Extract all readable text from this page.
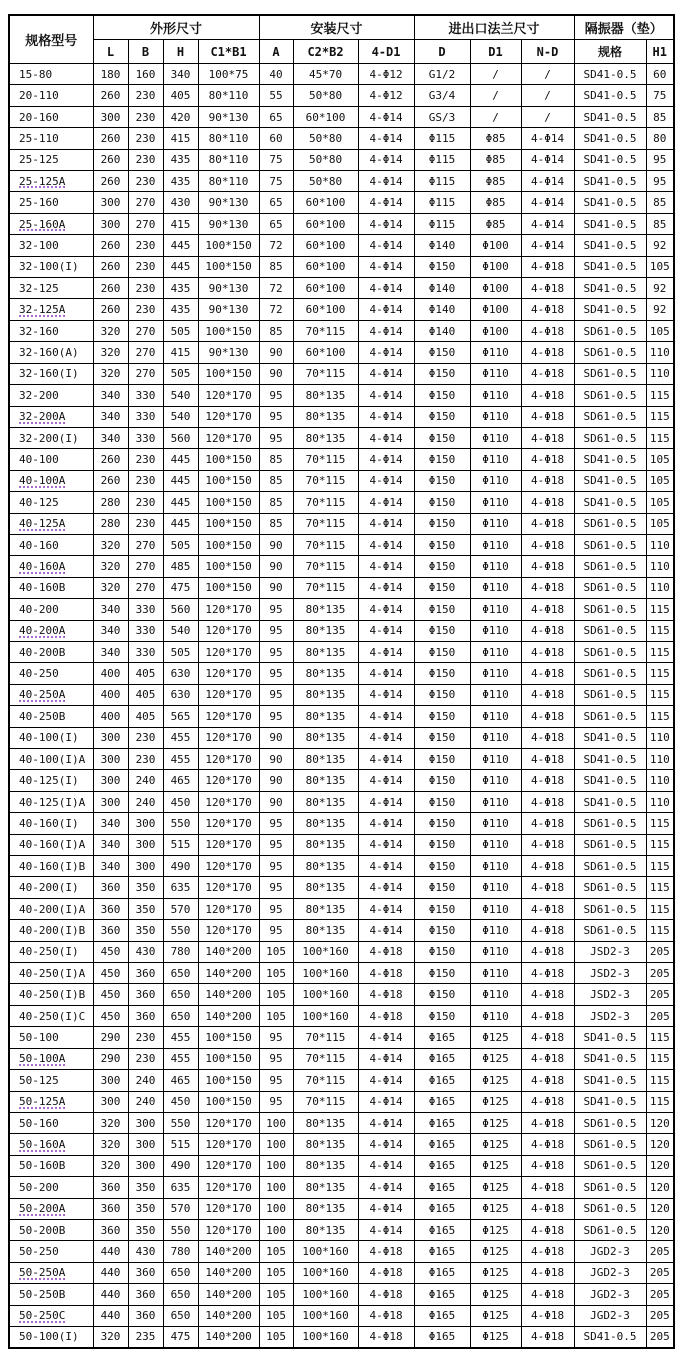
规格型号	外形尺寸				安装尺寸			进出口法兰尺寸			隔振器（垫）	
	L	B	H	C1*B1	A	C2*B2	4-D1	D	D1	N-D	规格	H1
15-80	180	160	340	100*75	40	45*70	4-Φ12	G1/2	/	/	SD41-0.5	60
20-110	260	230	405	80*110	55	50*80	4-Φ12	G3/4	/	/	SD41-0.5	75
20-160	300	230	420	90*130	65	60*100	4-Φ14	GS/3	/	/	SD41-0.5	85
25-110	260	230	415	80*110	60	50*80	4-Φ14	Φ115	Φ85	4-Φ14	SD41-0.5	80
25-125	260	230	435	80*110	75	50*80	4-Φ14	Φ115	Φ85	4-Φ14	SD41-0.5	95
25-125A	260	230	435	80*110	75	50*80	4-Φ14	Φ115	Φ85	4-Φ14	SD41-0.5	95
25-160	300	270	430	90*130	65	60*100	4-Φ14	Φ115	Φ85	4-Φ14	SD41-0.5	85
25-160A	300	270	415	90*130	65	60*100	4-Φ14	Φ115	Φ85	4-Φ14	SD41-0.5	85
32-100	260	230	445	100*150	72	60*100	4-Φ14	Φ140	Φ100	4-Φ14	SD41-0.5	92
32-100(I)	260	230	445	100*150	85	60*100	4-Φ14	Φ150	Φ100	4-Φ18	SD41-0.5	105
32-125	260	230	435	90*130	72	60*100	4-Φ14	Φ140	Φ100	4-Φ18	SD41-0.5	92
32-125A	260	230	435	90*130	72	60*100	4-Φ14	Φ140	Φ100	4-Φ18	SD41-0.5	92
32-160	320	270	505	100*150	85	70*115	4-Φ14	Φ140	Φ100	4-Φ18	SD61-0.5	105
32-160(A)	320	270	415	90*130	90	60*100	4-Φ14	Φ150	Φ110	4-Φ18	SD61-0.5	110
32-160(I)	320	270	505	100*150	90	70*115	4-Φ14	Φ150	Φ110	4-Φ18	SD61-0.5	110
32-200	340	330	540	120*170	95	80*135	4-Φ14	Φ150	Φ110	4-Φ18	SD61-0.5	115
32-200A	340	330	540	120*170	95	80*135	4-Φ14	Φ150	Φ110	4-Φ18	SD61-0.5	115
32-200(I)	340	330	560	120*170	95	80*135	4-Φ14	Φ150	Φ110	4-Φ18	SD61-0.5	115
40-100	260	230	445	100*150	85	70*115	4-Φ14	Φ150	Φ110	4-Φ18	SD41-0.5	105
40-100A	260	230	445	100*150	85	70*115	4-Φ14	Φ150	Φ110	4-Φ18	SD41-0.5	105
40-125	280	230	445	100*150	85	70*115	4-Φ14	Φ150	Φ110	4-Φ18	SD41-0.5	105
40-125A	280	230	445	100*150	85	70*115	4-Φ14	Φ150	Φ110	4-Φ18	SD61-0.5	105
40-160	320	270	505	100*150	90	70*115	4-Φ14	Φ150	Φ110	4-Φ18	SD61-0.5	110
40-160A	320	270	485	100*150	90	70*115	4-Φ14	Φ150	Φ110	4-Φ18	SD61-0.5	110
40-160B	320	270	475	100*150	90	70*115	4-Φ14	Φ150	Φ110	4-Φ18	SD61-0.5	110
40-200	340	330	560	120*170	95	80*135	4-Φ14	Φ150	Φ110	4-Φ18	SD61-0.5	115
40-200A	340	330	540	120*170	95	80*135	4-Φ14	Φ150	Φ110	4-Φ18	SD61-0.5	115
40-200B	340	330	505	120*170	95	80*135	4-Φ14	Φ150	Φ110	4-Φ18	SD61-0.5	115
40-250	400	405	630	120*170	95	80*135	4-Φ14	Φ150	Φ110	4-Φ18	SD61-0.5	115
40-250A	400	405	630	120*170	95	80*135	4-Φ14	Φ150	Φ110	4-Φ18	SD61-0.5	115
40-250B	400	405	565	120*170	95	80*135	4-Φ14	Φ150	Φ110	4-Φ18	SD61-0.5	115
40-100(I)	300	230	455	120*170	90	80*135	4-Φ14	Φ150	Φ110	4-Φ18	SD41-0.5	110
40-100(I)A	300	230	455	120*170	90	80*135	4-Φ14	Φ150	Φ110	4-Φ18	SD41-0.5	110
40-125(I)	300	240	465	120*170	90	80*135	4-Φ14	Φ150	Φ110	4-Φ18	SD41-0.5	110
40-125(I)A	300	240	450	120*170	90	80*135	4-Φ14	Φ150	Φ110	4-Φ18	SD41-0.5	110
40-160(I)	340	300	550	120*170	95	80*135	4-Φ14	Φ150	Φ110	4-Φ18	SD61-0.5	115
40-160(I)A	340	300	515	120*170	95	80*135	4-Φ14	Φ150	Φ110	4-Φ18	SD61-0.5	115
40-160(I)B	340	300	490	120*170	95	80*135	4-Φ14	Φ150	Φ110	4-Φ18	SD61-0.5	115
40-200(I)	360	350	635	120*170	95	80*135	4-Φ14	Φ150	Φ110	4-Φ18	SD61-0.5	115
40-200(I)A	360	350	570	120*170	95	80*135	4-Φ14	Φ150	Φ110	4-Φ18	SD61-0.5	115
40-200(I)B	360	350	550	120*170	95	80*135	4-Φ14	Φ150	Φ110	4-Φ18	SD61-0.5	115
40-250(I)	450	430	780	140*200	105	100*160	4-Φ18	Φ150	Φ110	4-Φ18	JSD2-3	205
40-250(I)A	450	360	650	140*200	105	100*160	4-Φ18	Φ150	Φ110	4-Φ18	JSD2-3	205
40-250(I)B	450	360	650	140*200	105	100*160	4-Φ18	Φ150	Φ110	4-Φ18	JSD2-3	205
40-250(I)C	450	360	650	140*200	105	100*160	4-Φ18	Φ150	Φ110	4-Φ18	JSD2-3	205
50-100	290	230	455	100*150	95	70*115	4-Φ14	Φ165	Φ125	4-Φ18	SD41-0.5	115
50-100A	290	230	455	100*150	95	70*115	4-Φ14	Φ165	Φ125	4-Φ18	SD41-0.5	115
50-125	300	240	465	100*150	95	70*115	4-Φ14	Φ165	Φ125	4-Φ18	SD41-0.5	115
50-125A	300	240	450	100*150	95	70*115	4-Φ14	Φ165	Φ125	4-Φ18	SD41-0.5	115
50-160	320	300	550	120*170	100	80*135	4-Φ14	Φ165	Φ125	4-Φ18	SD61-0.5	120
50-160A	320	300	515	120*170	100	80*135	4-Φ14	Φ165	Φ125	4-Φ18	SD61-0.5	120
50-160B	320	300	490	120*170	100	80*135	4-Φ14	Φ165	Φ125	4-Φ18	SD61-0.5	120
50-200	360	350	635	120*170	100	80*135	4-Φ14	Φ165	Φ125	4-Φ18	SD61-0.5	120
50-200A	360	350	570	120*170	100	80*135	4-Φ14	Φ165	Φ125	4-Φ18	SD61-0.5	120
50-200B	360	350	550	120*170	100	80*135	4-Φ14	Φ165	Φ125	4-Φ18	SD61-0.5	120
50-250	440	430	780	140*200	105	100*160	4-Φ18	Φ165	Φ125	4-Φ18	JGD2-3	205
50-250A	440	360	650	140*200	105	100*160	4-Φ18	Φ165	Φ125	4-Φ18	JGD2-3	205
50-250B	440	360	650	140*200	105	100*160	4-Φ18	Φ165	Φ125	4-Φ18	JGD2-3	205
50-250C	440	360	650	140*200	105	100*160	4-Φ18	Φ165	Φ125	4-Φ18	JGD2-3	205
50-100(I)	320	235	475	140*200	105	100*160	4-Φ18	Φ165	Φ125	4-Φ18	SD41-0.5	205
